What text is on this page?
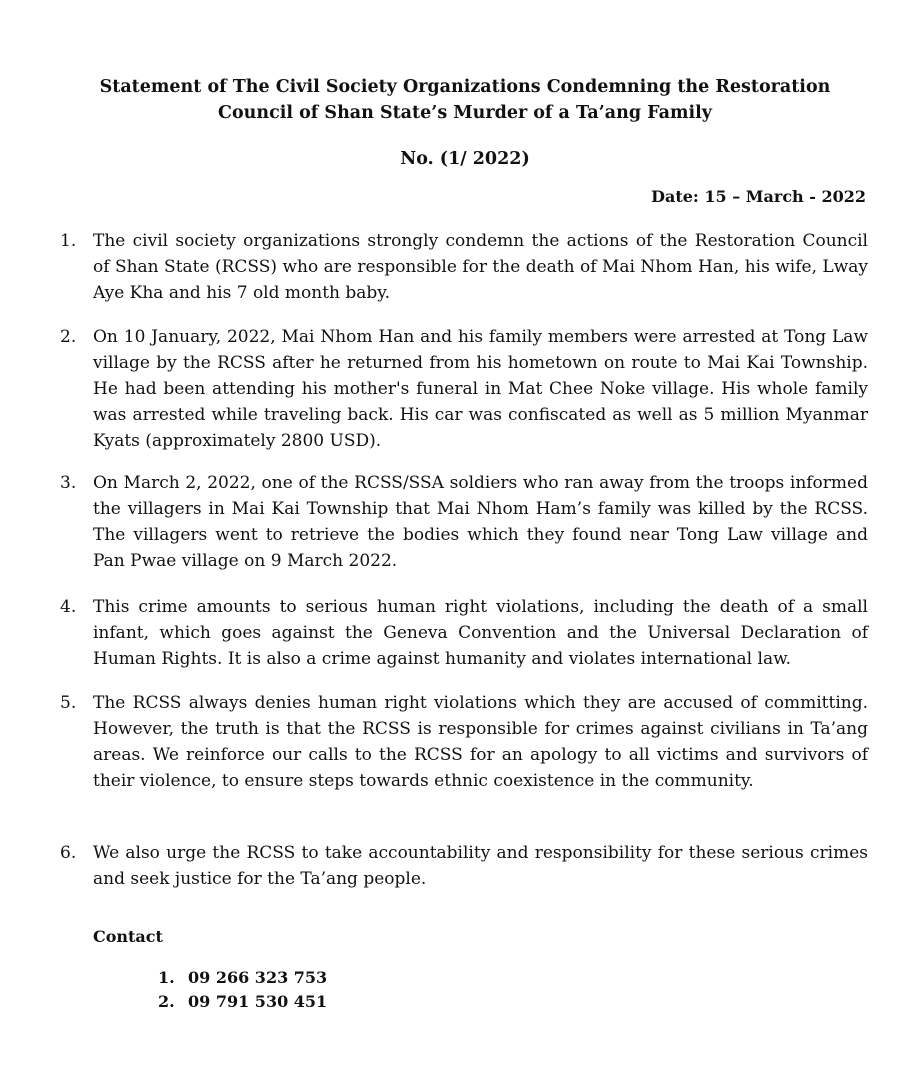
Statement of The Civil Society Organizations Condemning the Restoration Council of Shan State’s Murder of a Ta’ang Family

No. (1/ 2022)

Date: 15 – March - 2022

1. The civil society organizations strongly condemn the actions of the Restoration Council of Shan State (RCSS) who are responsible for the death of Mai Nhom Han, his wife, Lway Aye Kha and his 7 old month baby.
2. On 10 January, 2022, Mai Nhom Han and his family members were arrested at Tong Law village by the RCSS after he returned from his hometown on route to Mai Kai Township. He had been attending his mother's funeral in Mat Chee Noke village. His whole family was arrested while traveling back. His car was confiscated as well as 5 million Myanmar Kyats (approximately 2800 USD).
3. On March 2, 2022, one of the RCSS/SSA soldiers who ran away from the troops informed the villagers in Mai Kai Township that Mai Nhom Ham’s family was killed by the RCSS. The villagers went to retrieve the bodies which they found near Tong Law village and Pan Pwae village on 9 March 2022.
4. This crime amounts to serious human right violations, including the death of a small infant, which goes against the Geneva Convention and the Universal Declaration of Human Rights. It is also a crime against humanity and violates international law.
5. The RCSS always denies human right violations which they are accused of committing. However, the truth is that the RCSS is responsible for crimes against civilians in Ta’ang areas. We reinforce our calls to the RCSS for an apology to all victims and survivors of their violence, to ensure steps towards ethnic coexistence in the community.
6. We also urge the RCSS to take accountability and responsibility for these serious crimes and seek justice for the Ta’ang people.

Contact

1. 09 266 323 753
2. 09 791 530 451
